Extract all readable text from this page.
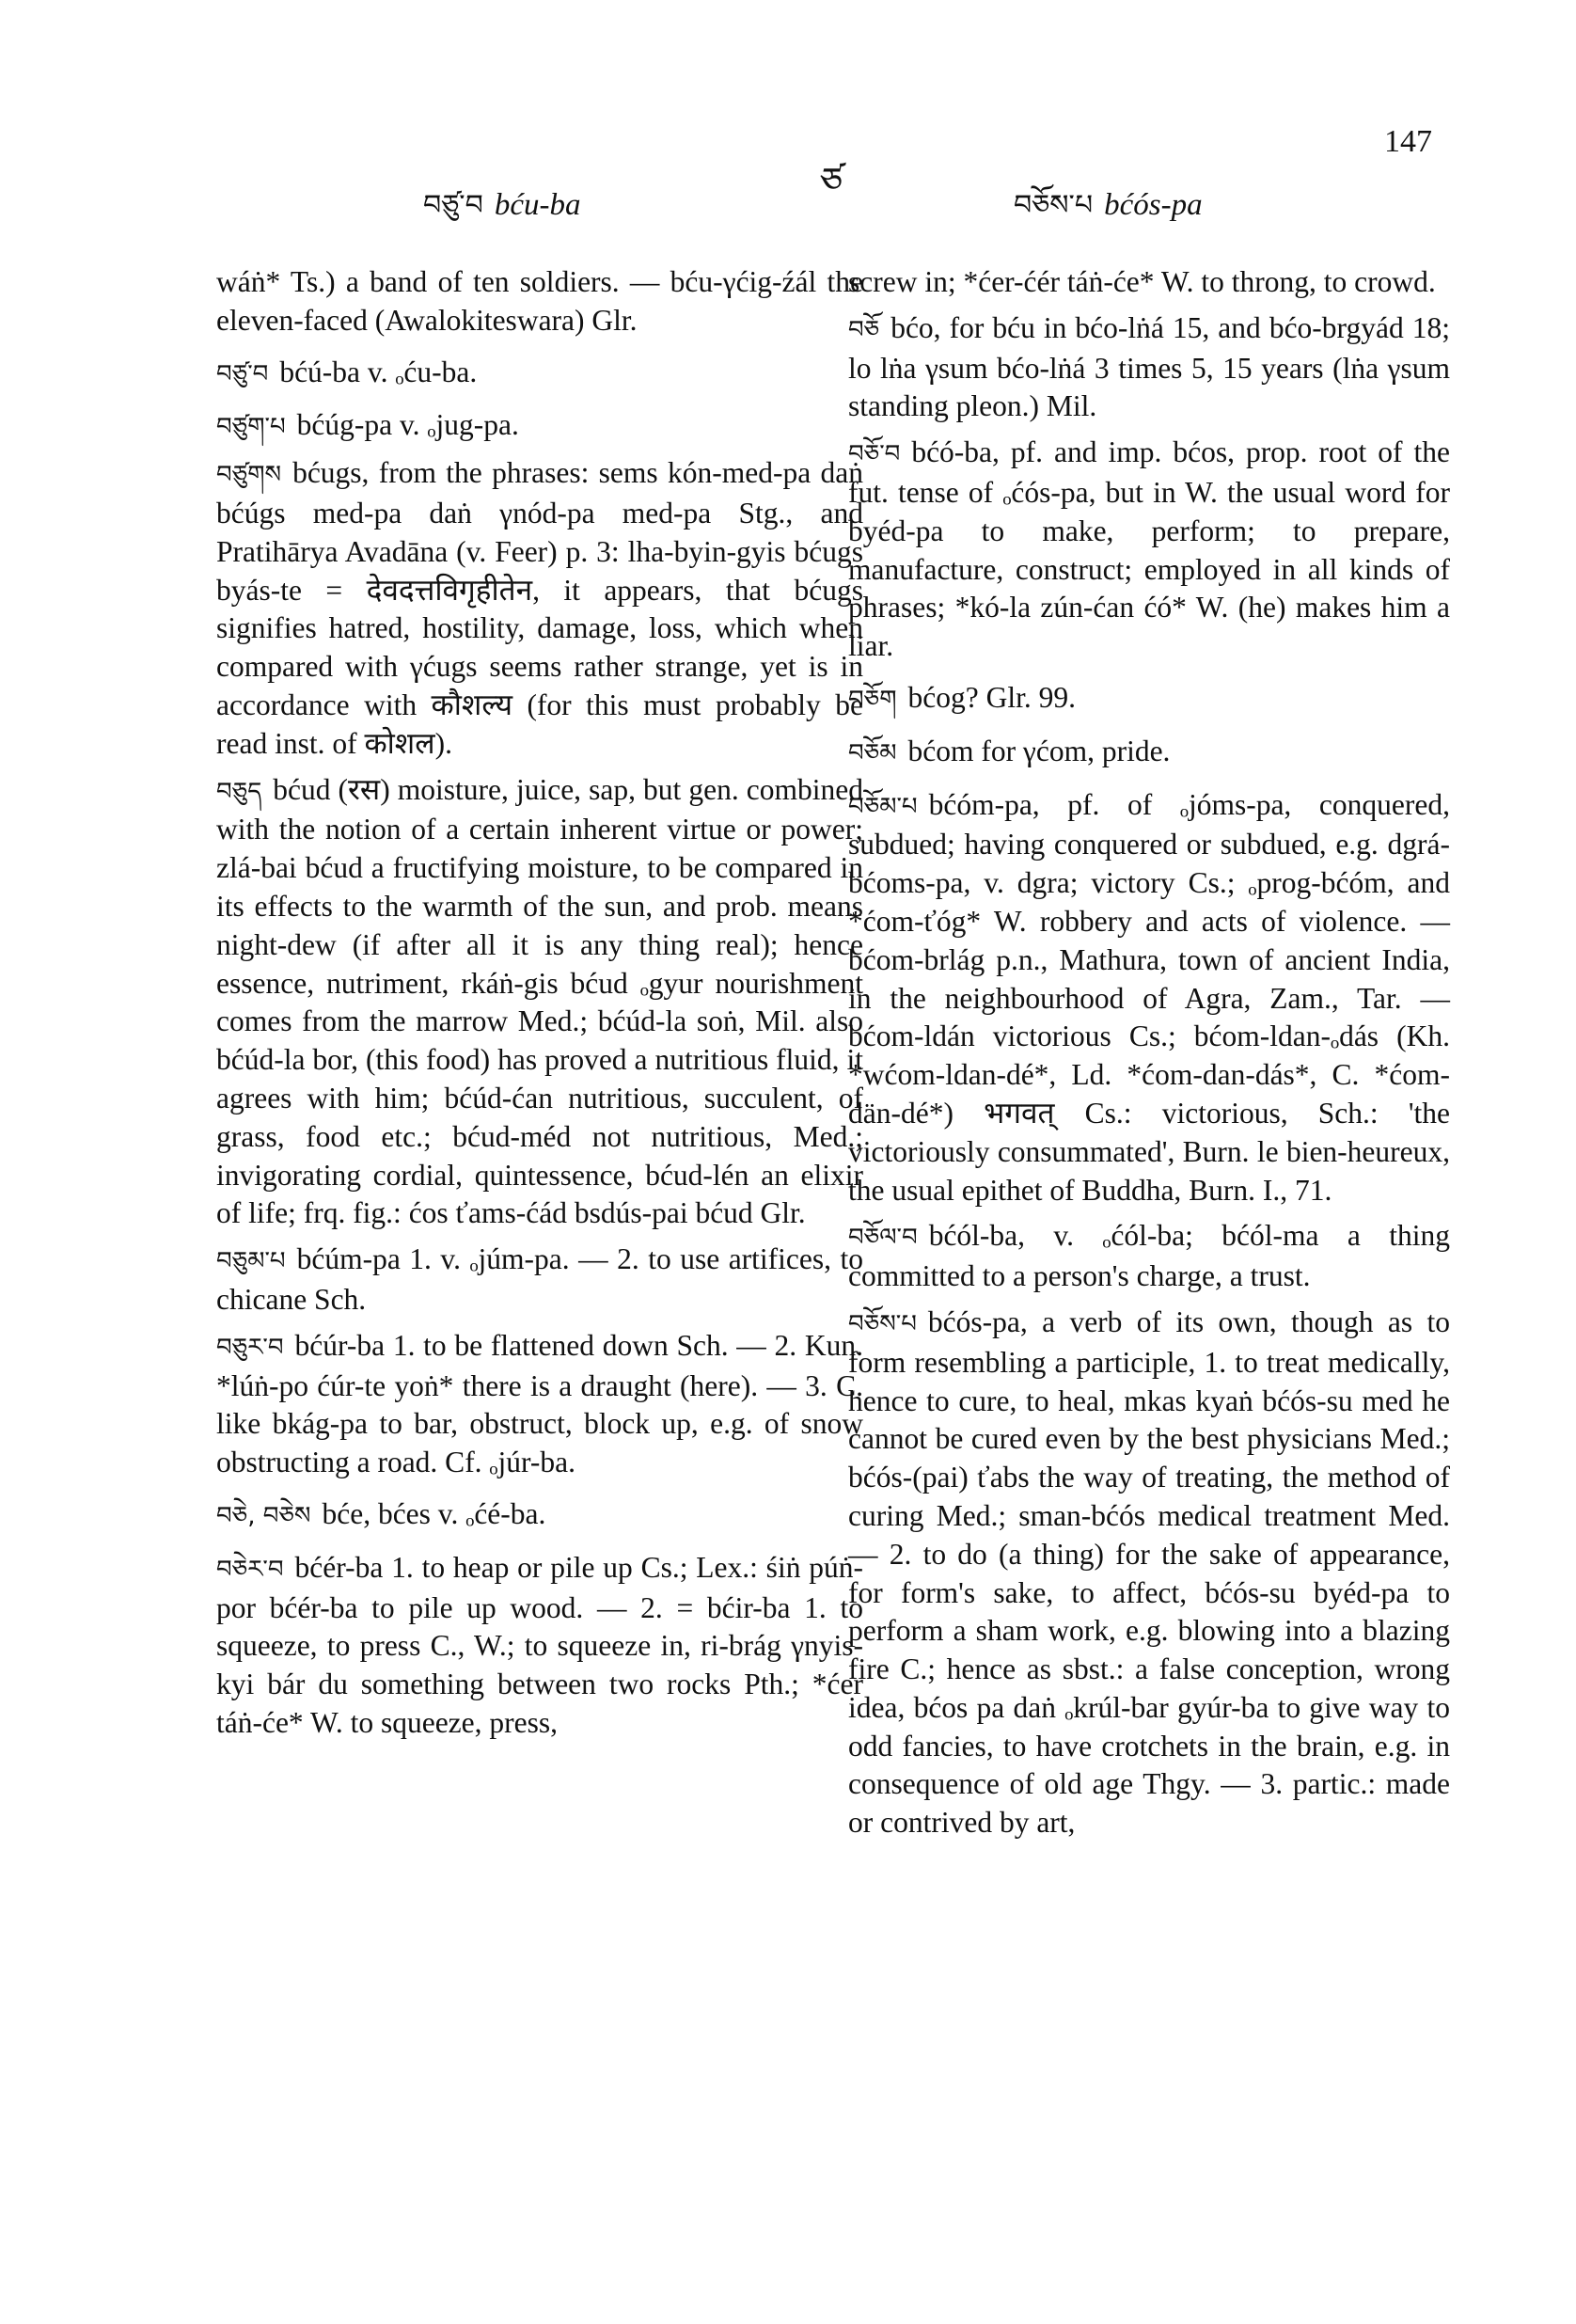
147
ཙ
བཙུ་བ bću-ba	བཅོས་པ bćós-pa

wáṅ* Ts.) a band of ten soldiers. — bću-γćig-źál the eleven-faced (Awalokiteswara) Glr.

བཙུ་བ bćú-ba v. ₒću-ba.

བཙུག་པ bćúg-pa v. ₒjug-pa.

བཙུགས bćugs, from the phrases: sems kón-med-pa daṅ bćúgs med-pa daṅ γnód-pa med-pa Stg., and Pratihārya Avadāna (v. Feer) p. 3: lha-byin-gyis bćugs byás-te = देवदत्तविगृहीतेन, it appears, that bćugs signifies hatred, hostility, damage, loss, which when compared with γćugs seems rather strange, yet is in accordance with कौशल्य (for this must probably be read inst. of कोशल).

བཅུད bćud (रस) moisture, juice, sap, but gen. combined with the notion of a certain inherent virtue or power; zlá-bai bćud a fructifying moisture, to be compared in its effects to the warmth of the sun, and prob. means night-dew (if after all it is any thing real); hence essence, nutriment, rkáṅ-gis bćud ₒgyur nourishment comes from the marrow Med.; bćúd-la soṅ, Mil. also bćúd-la bor, (this food) has proved a nutritious fluid, it agrees with him; bćúd-ćan nutritious, succulent, of grass, food etc.; bćud-méd not nutritious, Med.; invigorating cordial, quintessence, bćud-lén an elixir of life; frq. fig.: ćos ťams-ćád bsdús-pai bćud Glr.

བཅུམ་པ bćúm-pa 1. v. ₒjúm-pa. — 2. to use artifices, to chicane Sch.

བཅུར་བ bćúr-ba 1. to be flattened down Sch. — 2. Kun. *lúṅ-po ćúr-te yoṅ* there is a draught (here). — 3. C. like bkág-pa to bar, obstruct, block up, e.g. of snow obstructing a road. Cf. ₒjúr-ba.

བཅེ, བཅེས bće, bćes v. ₒćé-ba.

བཅེར་བ bćér-ba 1. to heap or pile up Cs.; Lex.: śiṅ púṅ-por bćér-ba to pile up wood. — 2. = bćir-ba 1. to squeeze, to press C., W.; to squeeze in, ri-brág γnyis-kyi bár du something between two rocks Pth.; *ćer táṅ-će* W. to squeeze, press,

screw in; *ćer-ćér táṅ-će* W. to throng, to crowd.

བཅོ bćo, for bću in bćo-lṅá 15, and bćo-brgyád 18; lo lṅa γsum bćo-lṅá 3 times 5, 15 years (lṅa γsum standing pleon.) Mil.

བཅོ་བ bćó-ba, pf. and imp. bćos, prop. root of the fut. tense of ₒćós-pa, but in W. the usual word for byéd-pa to make, perform; to prepare, manufacture, construct; employed in all kinds of phrases; *kó-la zún-ćan ćó* W. (he) makes him a liar.

བཅོག bćog? Glr. 99.

བཅོམ bćom for γćom, pride.

བཅོམ་པ bćóm-pa, pf. of ₒjóms-pa, conquered, subdued; having conquered or subdued, e.g. dgrá-bćoms-pa, v. dgra; victory Cs.; ₒprog-bćóm, and *ćom-ťóg* W. robbery and acts of violence. — bćom-brlág p.n., Mathura, town of ancient India, in the neighbourhood of Agra, Zam., Tar. — bćom-ldán victorious Cs.; bćom-ldan-ₒdás (Kh. *wćom-ldan-dé*, Ld. *ćom-dan-dás*, C. *ćom-dän-dé*) भगवत् Cs.: victorious, Sch.: 'the victoriously consummated', Burn. le bien-heureux, the usual epithet of Buddha, Burn. I., 71.

བཅོལ་བ bćól-ba, v. ₒćól-ba; bćól-ma a thing committed to a person's charge, a trust.

བཅོས་པ bćós-pa, a verb of its own, though as to form resembling a participle, 1. to treat medically, hence to cure, to heal, mkas kyaṅ bćós-su med he cannot be cured even by the best physicians Med.; bćós-(pai) ťabs the way of treating, the method of curing Med.; sman-bćós medical treatment Med. — 2. to do (a thing) for the sake of appearance, for form's sake, to affect, bćós-su byéd-pa to perform a sham work, e.g. blowing into a blazing fire C.; hence as sbst.: a false conception, wrong idea, bćos pa daṅ ₒkrúl-bar gyúr-ba to give way to odd fancies, to have crotchets in the brain, e.g. in consequence of old age Thgy. — 3. partic.: made or contrived by art,
